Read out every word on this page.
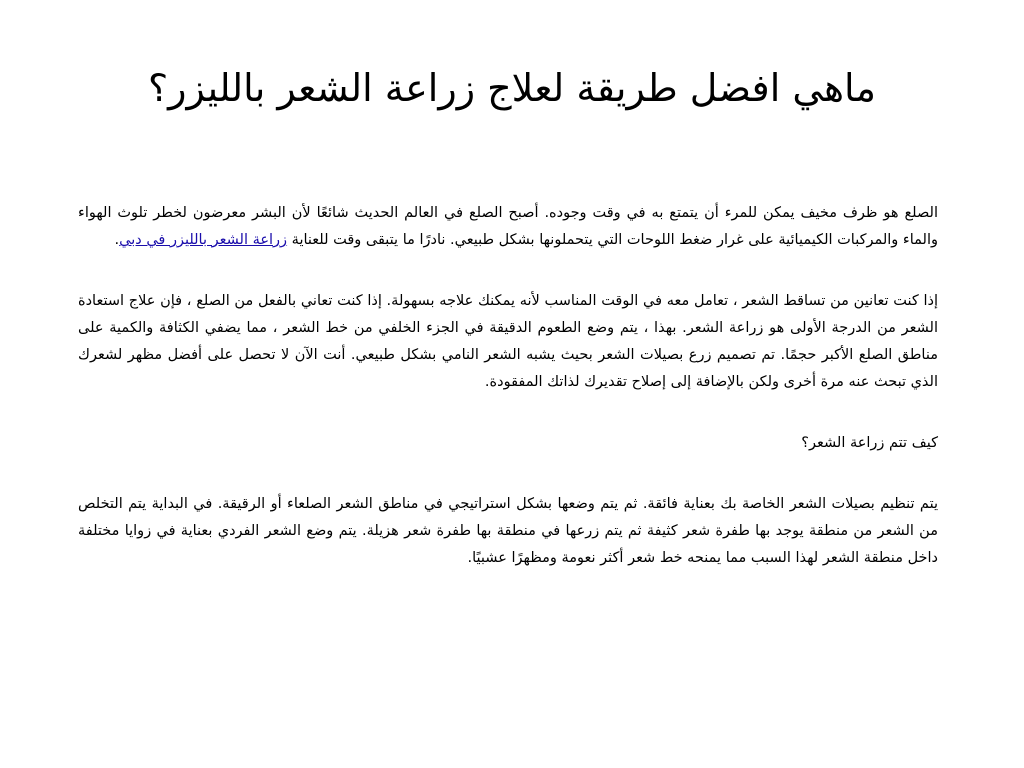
ماهي افضل طريقة لعلاج زراعة الشعر بالليزر؟

الصلع هو ظرف مخيف يمكن للمرء أن يتمتع به في وقت وجوده. أصبح الصلع في العالم الحديث شائعًا لأن البشر معرضون لخطر تلوث الهواء والماء والمركبات الكيميائية على غرار ضغط اللوحات التي يتحملونها بشكل طبيعي. نادرًا ما يتبقى وقت للعناية زراعة الشعر بالليزر في دبي.

إذا كنت تعانين من تساقط الشعر ، تعامل معه في الوقت المناسب لأنه يمكنك علاجه بسهولة. إذا كنت تعاني بالفعل من الصلع ، فإن علاج استعادة الشعر من الدرجة الأولى هو زراعة الشعر. بهذا ، يتم وضع الطعوم الدقيقة في الجزء الخلفي من خط الشعر ، مما يضفي الكثافة والكمية على مناطق الصلع الأكبر حجمًا. تم تصميم زرع بصيلات الشعر بحيث يشبه الشعر النامي بشكل طبيعي. أنت الآن لا تحصل على أفضل مظهر لشعرك الذي تبحث عنه مرة أخرى ولكن بالإضافة إلى إصلاح تقديرك لذاتك المفقودة.

كيف تتم زراعة الشعر؟

يتم تنظيم بصيلات الشعر الخاصة بك بعناية فائقة. ثم يتم وضعها بشكل استراتيجي في مناطق الشعر الصلعاء أو الرقيقة. في البداية يتم التخلص من الشعر من منطقة يوجد بها طفرة شعر كثيفة ثم يتم زرعها في منطقة بها طفرة شعر هزيلة. يتم وضع الشعر الفردي بعناية في زوايا مختلفة داخل منطقة الشعر لهذا السبب مما يمنحه خط شعر أكثر نعومة ومظهرًا عشبيًا.
